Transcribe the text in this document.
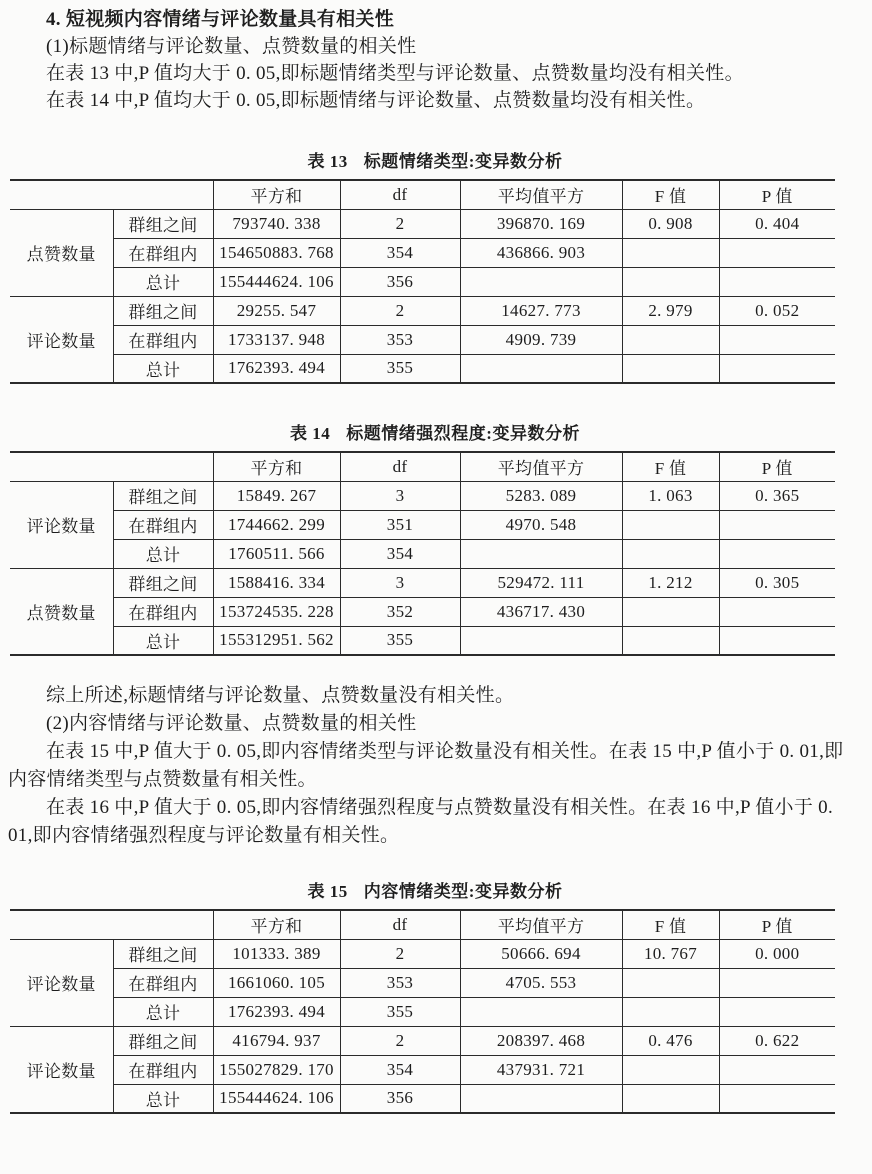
4. 短视频内容情绪与评论数量具有相关性

(1)标题情绪与评论数量、点赞数量的相关性

在表 13 中,P 值均大于 0. 05,即标题情绪类型与评论数量、点赞数量均没有相关性。

在表 14 中,P 值均大于 0. 05,即标题情绪与评论数量、点赞数量均没有相关性。

表 13 标题情绪类型:变异数分析

		平方和	df	平均值平方	F 值	P 值
点赞数量	群组之间	793740. 338	2	396870. 169	0. 908	0. 404
	在群组内	154650883. 768	354	436866. 903		
	总计	155444624. 106	356			
评论数量	群组之间	29255. 547	2	14627. 773	2. 979	0. 052
	在群组内	1733137. 948	353	4909. 739		
	总计	1762393. 494	355			

表 14 标题情绪强烈程度:变异数分析

		平方和	df	平均值平方	F 值	P 值
评论数量	群组之间	15849. 267	3	5283. 089	1. 063	0. 365
	在群组内	1744662. 299	351	4970. 548		
	总计	1760511. 566	354			
点赞数量	群组之间	1588416. 334	3	529472. 111	1. 212	0. 305
	在群组内	153724535. 228	352	436717. 430		
	总计	155312951. 562	355			

综上所述,标题情绪与评论数量、点赞数量没有相关性。

(2)内容情绪与评论数量、点赞数量的相关性

在表 15 中,P 值大于 0. 05,即内容情绪类型与评论数量没有相关性。在表 15 中,P 值小于 0. 01,即内容情绪类型与点赞数量有相关性。

在表 16 中,P 值大于 0. 05,即内容情绪强烈程度与点赞数量没有相关性。在表 16 中,P 值小于 0. 01,即内容情绪强烈程度与评论数量有相关性。

表 15 内容情绪类型:变异数分析

		平方和	df	平均值平方	F 值	P 值
评论数量	群组之间	101333. 389	2	50666. 694	10. 767	0. 000
	在群组内	1661060. 105	353	4705. 553		
	总计	1762393. 494	355			
评论数量	群组之间	416794. 937	2	208397. 468	0. 476	0. 622
	在群组内	155027829. 170	354	437931. 721		
	总计	155444624. 106	356			
